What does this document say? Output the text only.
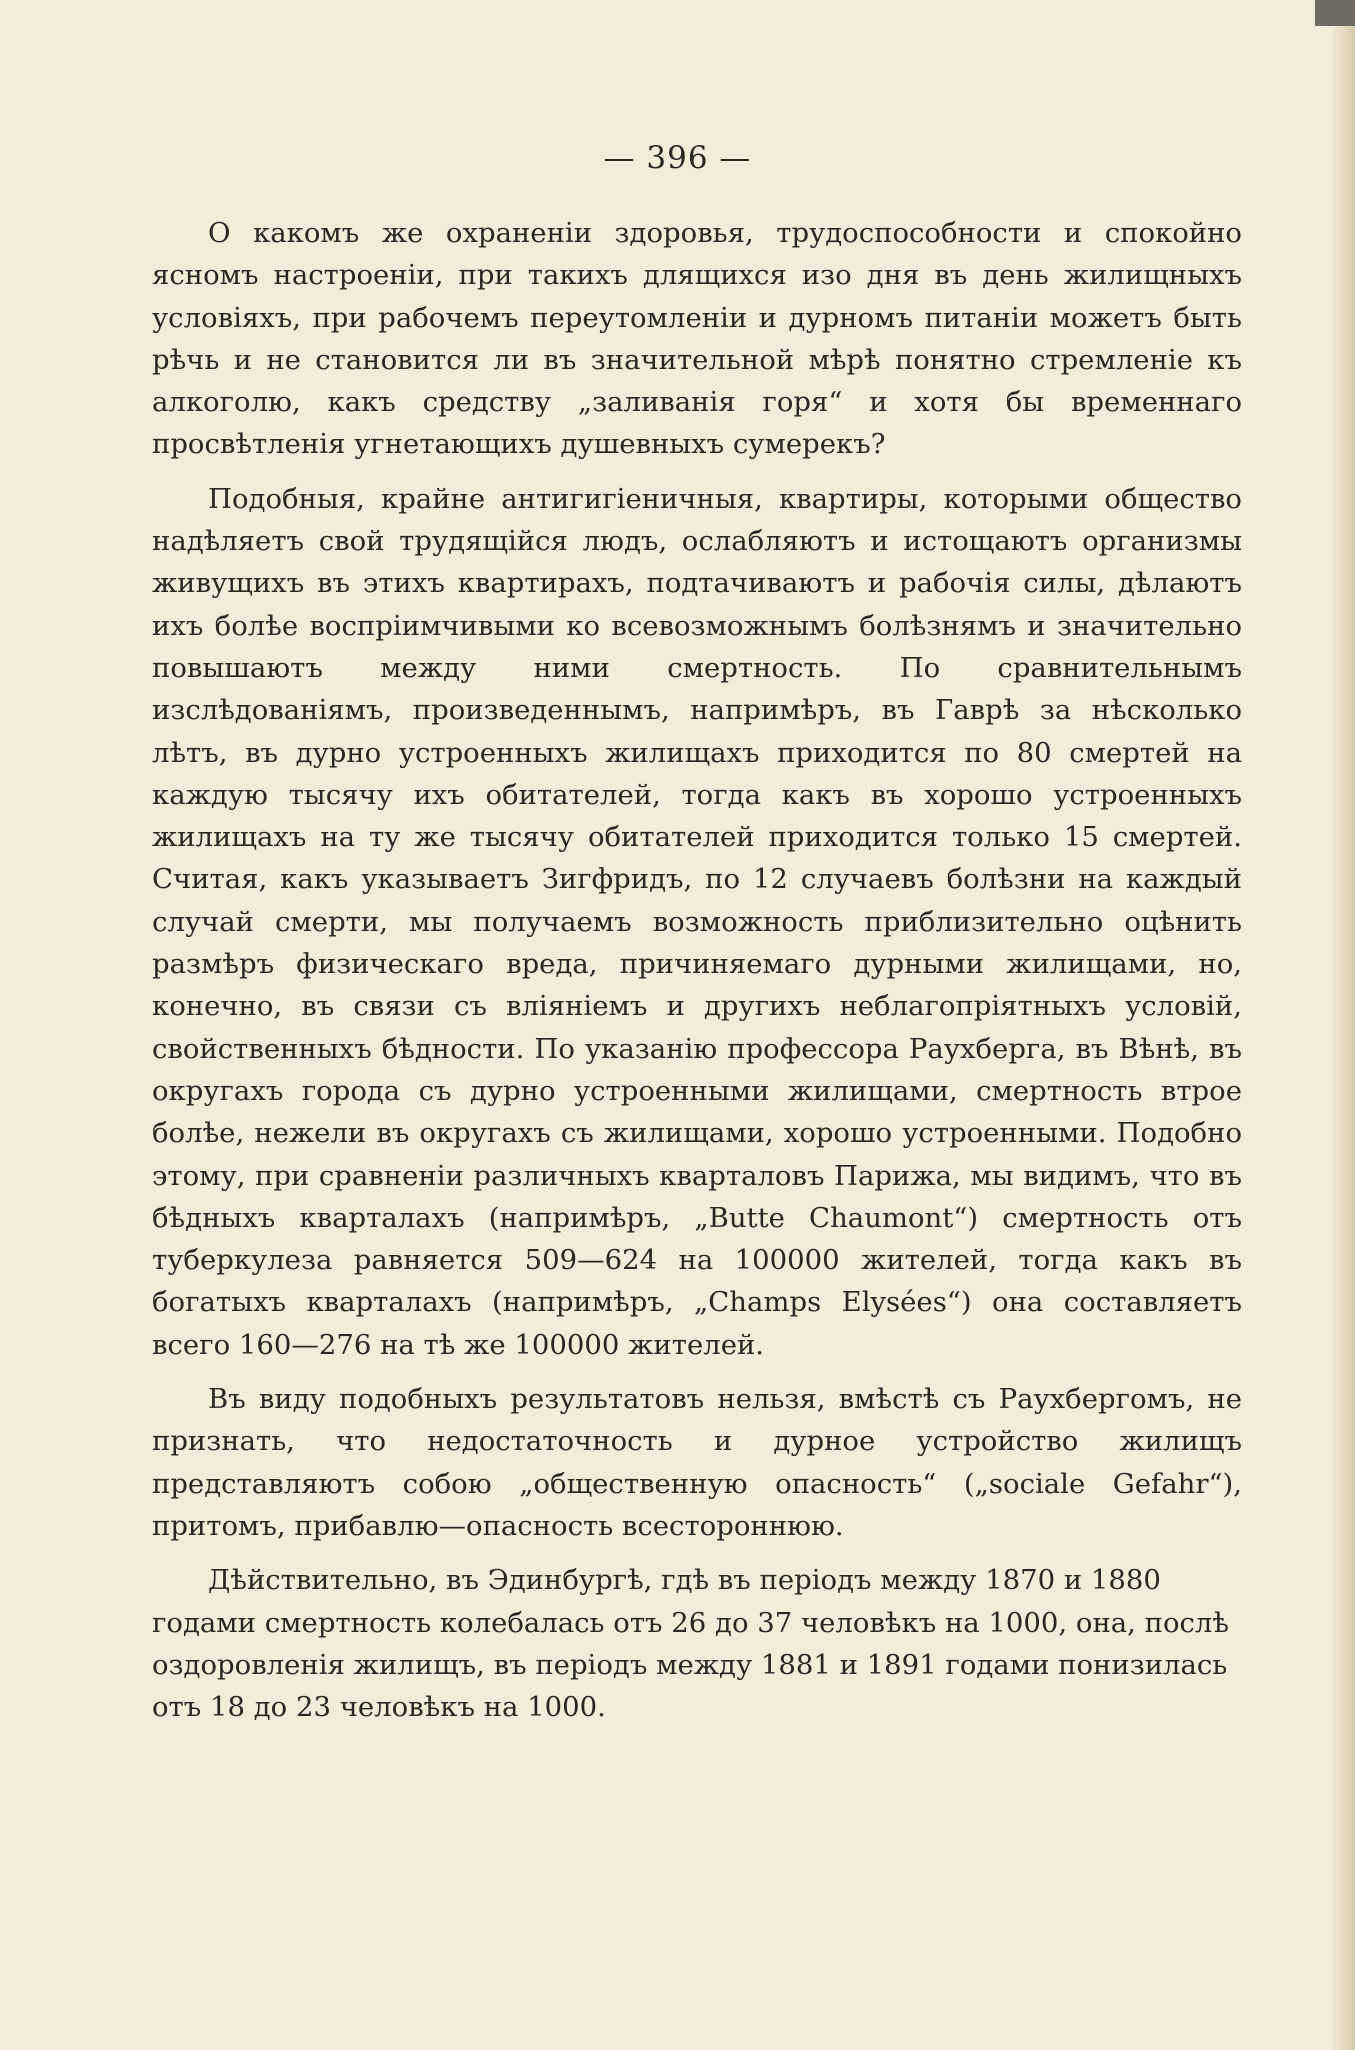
— 396 —

О какомъ же охраненіи здоровья, трудоспособности и спокойно ясномъ настроеніи, при такихъ длящихся изо дня въ день жилищныхъ условіяхъ, при рабочемъ переутомленіи и дурномъ питаніи можетъ быть рѣчь и не становится ли въ значительной мѣрѣ понятно стремленіе къ алкоголю, какъ средству „заливанія горя“ и хотя бы временнаго просвѣтленія угнетающихъ душевныхъ сумерекъ?

Подобныя, крайне антигигіеничныя, квартиры, которыми общество надѣляетъ свой трудящійся людъ, ослабляютъ и истощаютъ организмы живущихъ въ этихъ квартирахъ, подтачиваютъ и рабочія силы, дѣлаютъ ихъ болѣе воспріимчивыми ко всевозможнымъ болѣзнямъ и значительно повышаютъ между ними смертность. По сравнительнымъ изслѣдованіямъ, произведеннымъ, напримѣръ, въ Гаврѣ за нѣсколько лѣтъ, въ дурно устроенныхъ жилищахъ приходится по 80 смертей на каждую тысячу ихъ обитателей, тогда какъ въ хорошо устроенныхъ жилищахъ на ту же тысячу обитателей приходится только 15 смертей. Считая, какъ указываетъ Зигфридъ, по 12 случаевъ болѣзни на каждый случай смерти, мы получаемъ возможность приблизительно оцѣнить размѣръ физическаго вреда, причиняемаго дурными жилищами, но, конечно, въ связи съ вліяніемъ и другихъ неблагопріятныхъ условій, свойственныхъ бѣдности. По указанію профессора Раухберга, въ Вѣнѣ, въ округахъ города съ дурно устроенными жилищами, смертность втрое болѣе, нежели въ округахъ съ жилищами, хорошо устроенными. Подобно этому, при сравненіи различныхъ кварталовъ Парижа, мы видимъ, что въ бѣдныхъ кварталахъ (напримѣръ, „Butte Chaumont“) смертность отъ туберкулеза равняется 509—624 на 100000 жителей, тогда какъ въ богатыхъ кварталахъ (напримѣръ, „Champs Elysées“) она составляетъ всего 160—276 на тѣ же 100000 жителей.

Въ виду подобныхъ результатовъ нельзя, вмѣстѣ съ Раухбергомъ, не признать, что недостаточность и дурное устройство жилищъ представляютъ собою „общественную опасность“ („sociale Gefahr“), притомъ, прибавлю—опасность всестороннюю.

Дѣйствительно, въ Эдинбургѣ, гдѣ въ періодъ между 1870 и 1880 годами смертность колебалась отъ 26 до 37 человѣкъ на 1000, она, послѣ оздоровленія жилищъ, въ періодъ между 1881 и 1891 годами понизилась отъ 18 до 23 человѣкъ на 1000.
